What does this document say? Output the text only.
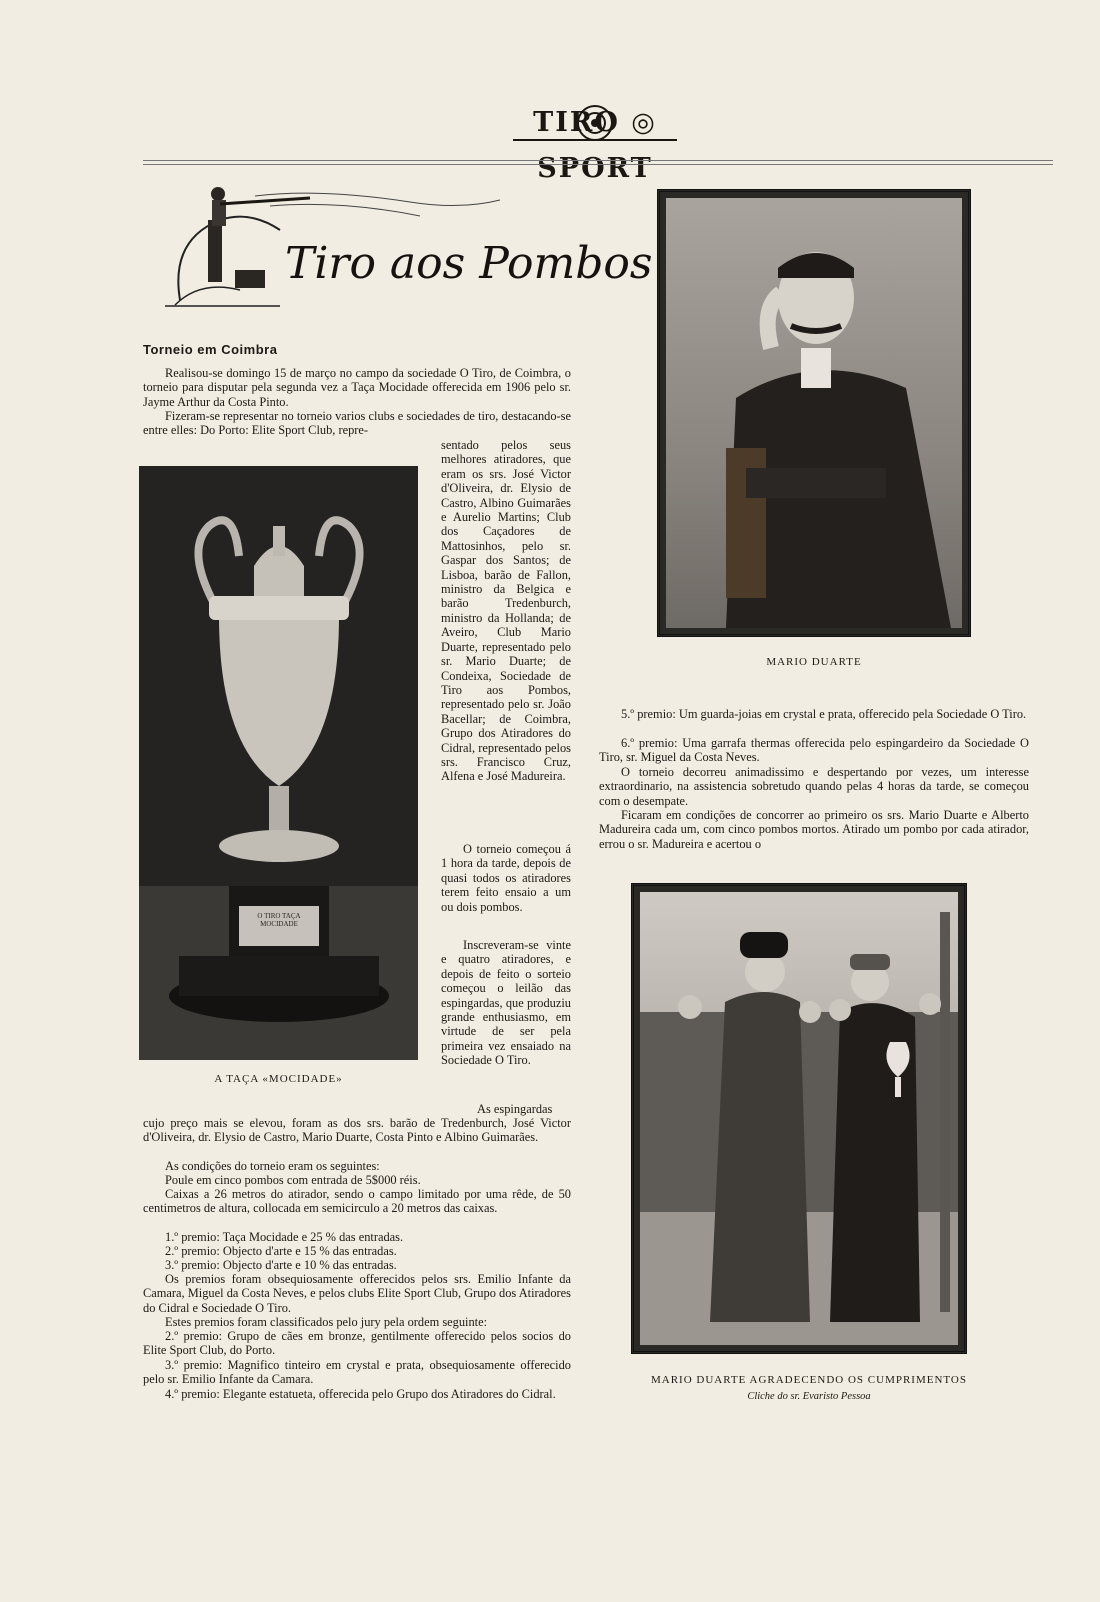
TIRO ◎ SPORT
Tiro aos Pombos
Torneio em Coimbra
Realisou-se domingo 15 de março no campo da sociedade O Tiro, de Coimbra, o torneio para disputar pela segunda vez a Taça Mocidade offerecida em 1906 pelo sr. Jayme Arthur da Costa Pinto.
Fizeram-se representar no torneio varios clubs e sociedades de tiro, destacando-se entre elles: Do Porto: Elite Sport Club, repre-
sentado pelos seus melhores atiradores, que eram os srs. José Victor d'Oliveira, dr. Elysio de Castro, Albino Guimarães e Aurelio Martins; Club dos Caçadores de Mattosinhos, pelo sr. Gaspar dos Santos; de Lisboa, barão de Fallon, ministro da Belgica e barão Tredenburch, ministro da Hollanda; de Aveiro, Club Mario Duarte, representado pelo sr. Mario Duarte; de Condeixa, Sociedade de Tiro aos Pombos, representado pelo sr. João Bacellar; de Coimbra, Grupo dos Atiradores do Cidral, representado pelos srs. Francisco Cruz, Alfena e José Madureira.
O torneio começou á 1 hora da tarde, depois de quasi todos os atiradores terem feito ensaio a um ou dois pombos.
Inscreveram-se vinte e quatro atiradores, e depois de feito o sorteio começou o leilão das espingardas, que produziu grande enthusiasmo, em virtude de ser pela primeira vez ensaiado na Sociedade O Tiro.
As espingardas
O TIRO TAÇA MOCIDADE
A TAÇA «MOCIDADE»
cujo preço mais se elevou, foram as dos srs. barão de Tredenburch, José Victor d'Oliveira, dr. Elysio de Castro, Mario Duarte, Costa Pinto e Albino Guimarães.
As condições do torneio eram os seguintes:
Poule em cinco pombos com entrada de 5$000 réis.
Caixas a 26 metros do atirador, sendo o campo limitado por uma rêde, de 50 centimetros de altura, collocada em semicirculo a 20 metros das caixas.
1.º premio: Taça Mocidade e 25 % das entradas.
2.º premio: Objecto d'arte e 15 % das entradas.
3.º premio: Objecto d'arte e 10 % das entradas.
Os premios foram obsequiosamente offerecidos pelos srs. Emilio Infante da Camara, Miguel da Costa Neves, e pelos clubs Elite Sport Club, Grupo dos Atiradores do Cidral e Sociedade O Tiro.
Estes premios foram classificados pelo jury pela ordem seguinte:
2.º premio: Grupo de cães em bronze, gentilmente offerecido pelos socios do Elite Sport Club, do Porto.
3.º premio: Magnifico tinteiro em crystal e prata, obsequiosamente offerecido pelo sr. Emilio Infante da Camara.
4.º premio: Elegante estatueta, offerecida pelo Grupo dos Atiradores do Cidral.
MARIO DUARTE
5.º premio: Um guarda-joias em crystal e prata, offerecido pela Sociedade O Tiro.
6.º premio: Uma garrafa thermas offerecida pelo espingardeiro da Sociedade O Tiro, sr. Miguel da Costa Neves.
O torneio decorreu animadissimo e despertando por vezes, um interesse extraordinario, na assistencia sobretudo quando pelas 4 horas da tarde, se começou com o desempate.
Ficaram em condições de concorrer ao primeiro os srs. Mario Duarte e Alberto Madureira cada um, com cinco pombos mortos. Atirado um pombo por cada atirador, errou o sr. Madureira e acertou o
MARIO DUARTE AGRADECENDO OS CUMPRIMENTOS
Cliche do sr. Evaristo Pessoa
